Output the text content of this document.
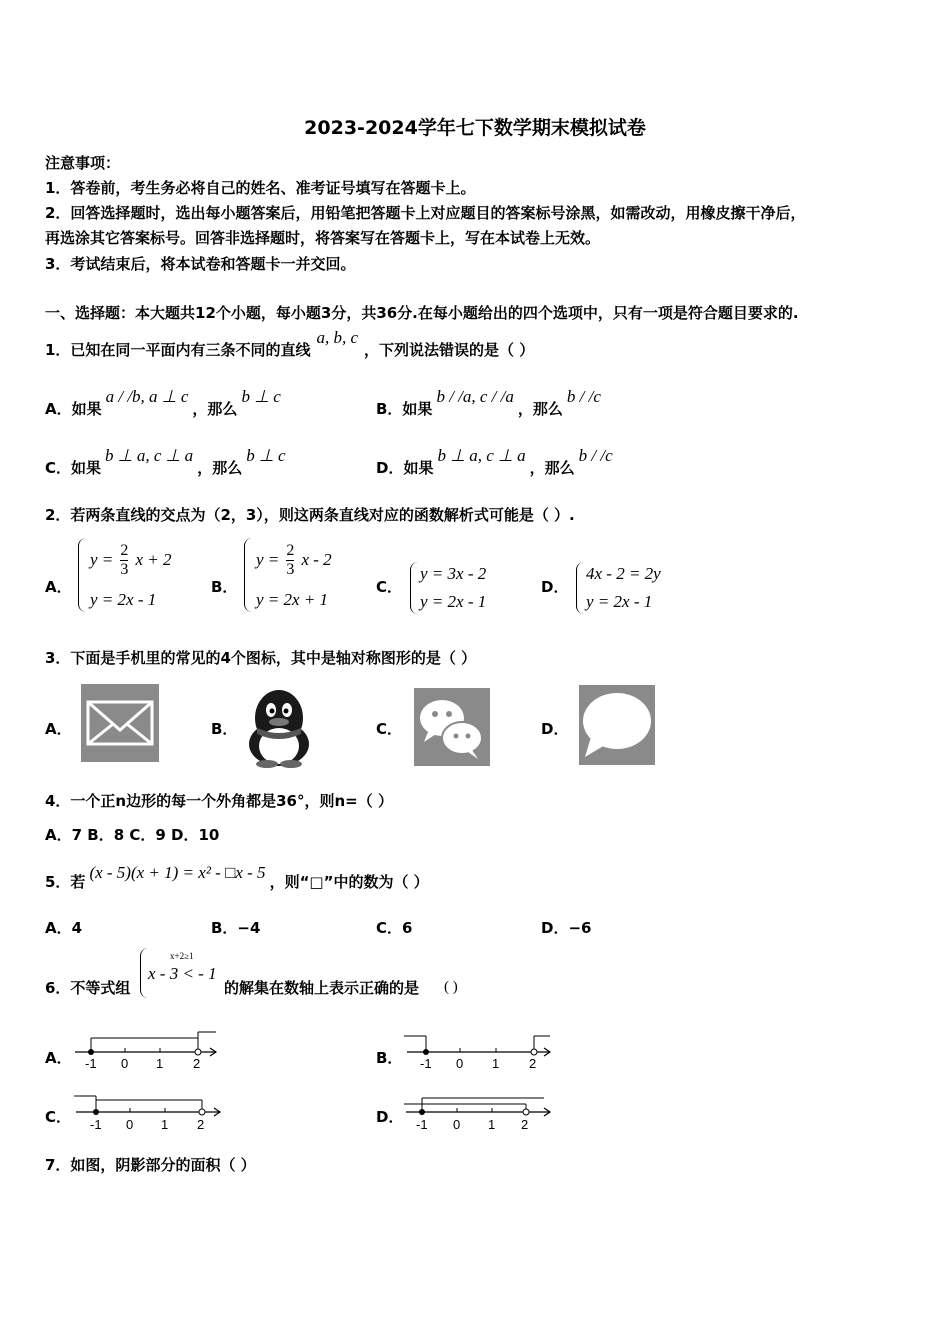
2023-2024学年七下数学期末模拟试卷
注意事项：
1．答卷前，考生务必将自己的姓名、准考证号填写在答题卡上。
2．回答选择题时，选出每小题答案后，用铅笔把答题卡上对应题目的答案标号涂黑，如需改动，用橡皮擦干净后，
再选涂其它答案标号。回答非选择题时，将答案写在答题卡上，写在本试卷上无效。
3．考试结束后，将本试卷和答题卡一并交回。
一、选择题：本大题共12个小题，每小题3分，共36分.在每小题给出的四个选项中，只有一项是符合题目要求的.
1．已知在同一平面内有三条不同的直线a, b, c，下列说法错误的是（ ）
A．如果a / /b, a ⊥ c，那么b ⊥ c
B．如果b / /a, c / /a，那么b / /c
C．如果b ⊥ a, c ⊥ a，那么b ⊥ c
D．如果b ⊥ a, c ⊥ a，那么b / /c
2．若两条直线的交点为（2，3），则这两条直线对应的函数解析式可能是（ ）.
A．
$y = \frac{2}{3}$ x + 2
y = 2x - 1
B．
$y = \frac{2}{3}$ x - 2
y = 2x + 1
C．
y = 3x - 2
y = 2x - 1
D．
4x - 2 = 2y
y = 2x - 1
3．下面是手机里的常见的4个图标，其中是轴对称图形的是（ ）
A．	B．	C．	D．
4．一个正n边形的每一个外角都是36°，则n=（ ）
A．7 B．8 C．9 D．10
5．若 (x - 5)(x + 1) = x² - □x - 5 ，则“□”中的数为（ ）
A．4	B．−4	C．6	D．−6
6．不等式组
x+2≥1
x - 3 < - 1
的解集在数轴上表示正确的是 ( )
A． -1 0 1 2	B． -1 0 1 2
C． -1 0 1 2	D． -1 0 1 2
7．如图，阴影部分的面积（ ）
